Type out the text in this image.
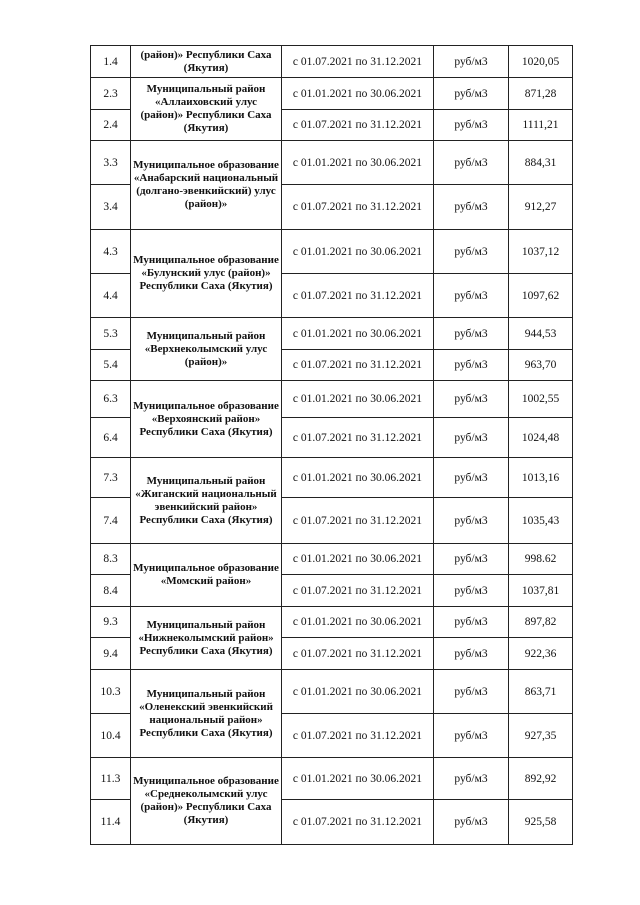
1.4	(район)» Республики Саха (Якутия)	с 01.07.2021 по 31.12.2021	руб/м3	1020,05
2.3	Муниципальный район «Аллаиховский улус (район)» Республики Саха (Якутия)	с 01.01.2021 по 30.06.2021	руб/м3	871,28
2.4		с 01.07.2021 по 31.12.2021	руб/м3	1111,21
3.3	Муниципальное образование «Анабарский национальный (долгано-эвенкийский) улус (район)»	с 01.01.2021 по 30.06.2021	руб/м3	884,31
3.4		с 01.07.2021 по 31.12.2021	руб/м3	912,27
4.3	Муниципальное образование «Булунский улус (район)» Республики Саха (Якутия)	с 01.01.2021 по 30.06.2021	руб/м3	1037,12
4.4		с 01.07.2021 по 31.12.2021	руб/м3	1097,62
5.3	Муниципальный район «Верхнеколымский улус (район)»	с 01.01.2021 по 30.06.2021	руб/м3	944,53
5.4		с 01.07.2021 по 31.12.2021	руб/м3	963,70
6.3	Муниципальное образование «Верхоянский район» Республики Саха (Якутия)	с 01.01.2021 по 30.06.2021	руб/м3	1002,55
6.4		с 01.07.2021 по 31.12.2021	руб/м3	1024,48
7.3	Муниципальный район «Жиганский национальный эвенкийский район» Республики Саха (Якутия)	с 01.01.2021 по 30.06.2021	руб/м3	1013,16
7.4		с 01.07.2021 по 31.12.2021	руб/м3	1035,43
8.3	Муниципальное образование «Момский район»	с 01.01.2021 по 30.06.2021	руб/м3	998.62
8.4		с 01.07.2021 по 31.12.2021	руб/м3	1037,81
9.3	Муниципальный район «Нижнеколымский район» Республики Саха (Якутия)	с 01.01.2021 по 30.06.2021	руб/м3	897,82
9.4		с 01.07.2021 по 31.12.2021	руб/м3	922,36
10.3	Муниципальный район «Оленекский эвенкийский национальный район» Республики Саха (Якутия)	с 01.01.2021 по 30.06.2021	руб/м3	863,71
10.4		с 01.07.2021 по 31.12.2021	руб/м3	927,35
11.3	Муниципальное образование «Среднеколымский улус (район)» Республики Саха (Якутия)	с 01.01.2021 по 30.06.2021	руб/м3	892,92
11.4		с 01.07.2021 по 31.12.2021	руб/м3	925,58
